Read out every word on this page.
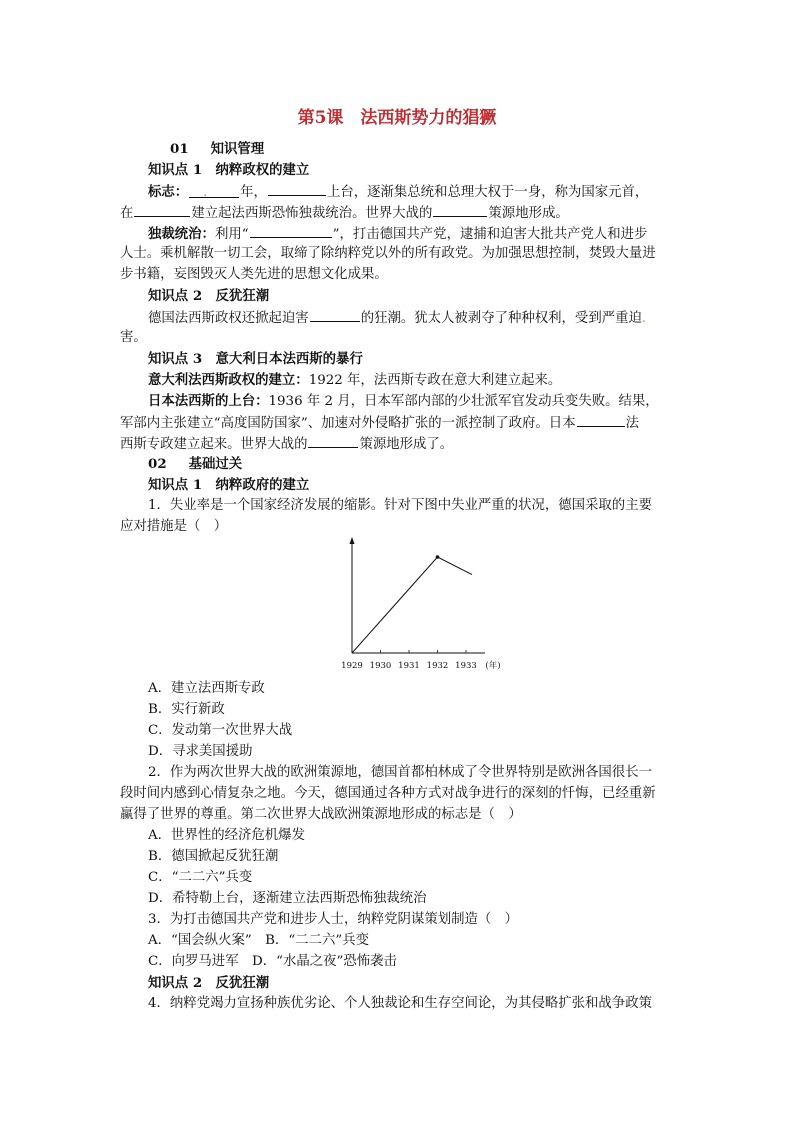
第5课　法西斯势力的猖獗
01 知识管理
知识点 1　 纳粹政权的建立
标志： . 年，	上台，逐渐集总统和总理大权于一身，称为国家元首，
在	建立起法西斯恐怖独裁统治。世界大战的	策源地形成。
独裁统治：利用“	”，打击德国共产党，逮捕和迫害大批共产党人和进步
人士。乘机解散一切工会，取缔了除纳粹党以外的所有政党。为加强思想控制，焚毁大量进
步书籍，妄图毁灭人类先进的思想文化成果。
知识点 2　 反犹狂潮
德国法西斯政权还掀起迫害	的狂潮。犹太人被剥夺了种种权利，受到严重迫.
害。
知识点 3　 意大利日本法西斯的暴行
意大利法西斯政权的建立：1922 年，法西斯专政在意大利建立起来。
日本法西斯的上台：1936 年 2 月，日本军部内部的少壮派军官发动兵变失败。结果，
军部内主张建立“高度国防国家”、加速对外侵略扩张的一派控制了政府。日本	法
西斯专政建立起来。世界大战的	策源地形成了。
02 基础过关
知识点 1　 纳粹政府的建立
1．失业率是一个国家经济发展的缩影。针对下图中失业严重的状况，德国采取的主要
应对措施是（　）
1929 1930 1931 1932 1933 (年)
A．建立法西斯专政
B．实行新政
C．发动第一次世界大战
D．寻求美国援助
2．作为两次世界大战的欧洲策源地，德国首都柏林成了令世界特别是欧洲各国很长一
段时间内感到心情复杂之地。今天，德国通过各种方式对战争进行的深刻的忏悔，已经重新
赢得了世界的尊重。第二次世界大战欧洲策源地形成的标志是（　）
A．世界性的经济危机爆发
B．德国掀起反犹狂潮
C．“二二六”兵变
D．希特勒上台，逐渐建立法西斯恐怖独裁统治
3．为打击德国共产党和进步人士，纳粹党阴谋策划制造（　）
A．“国会纵火案”　B．“二二六”兵变
C．向罗马进军　D．“水晶之夜”恐怖袭击
知识点 2　 反犹狂潮
4．纳粹党竭力宣扬种族优劣论、个人独裁论和生存空间论，为其侵略扩张和战争政策
